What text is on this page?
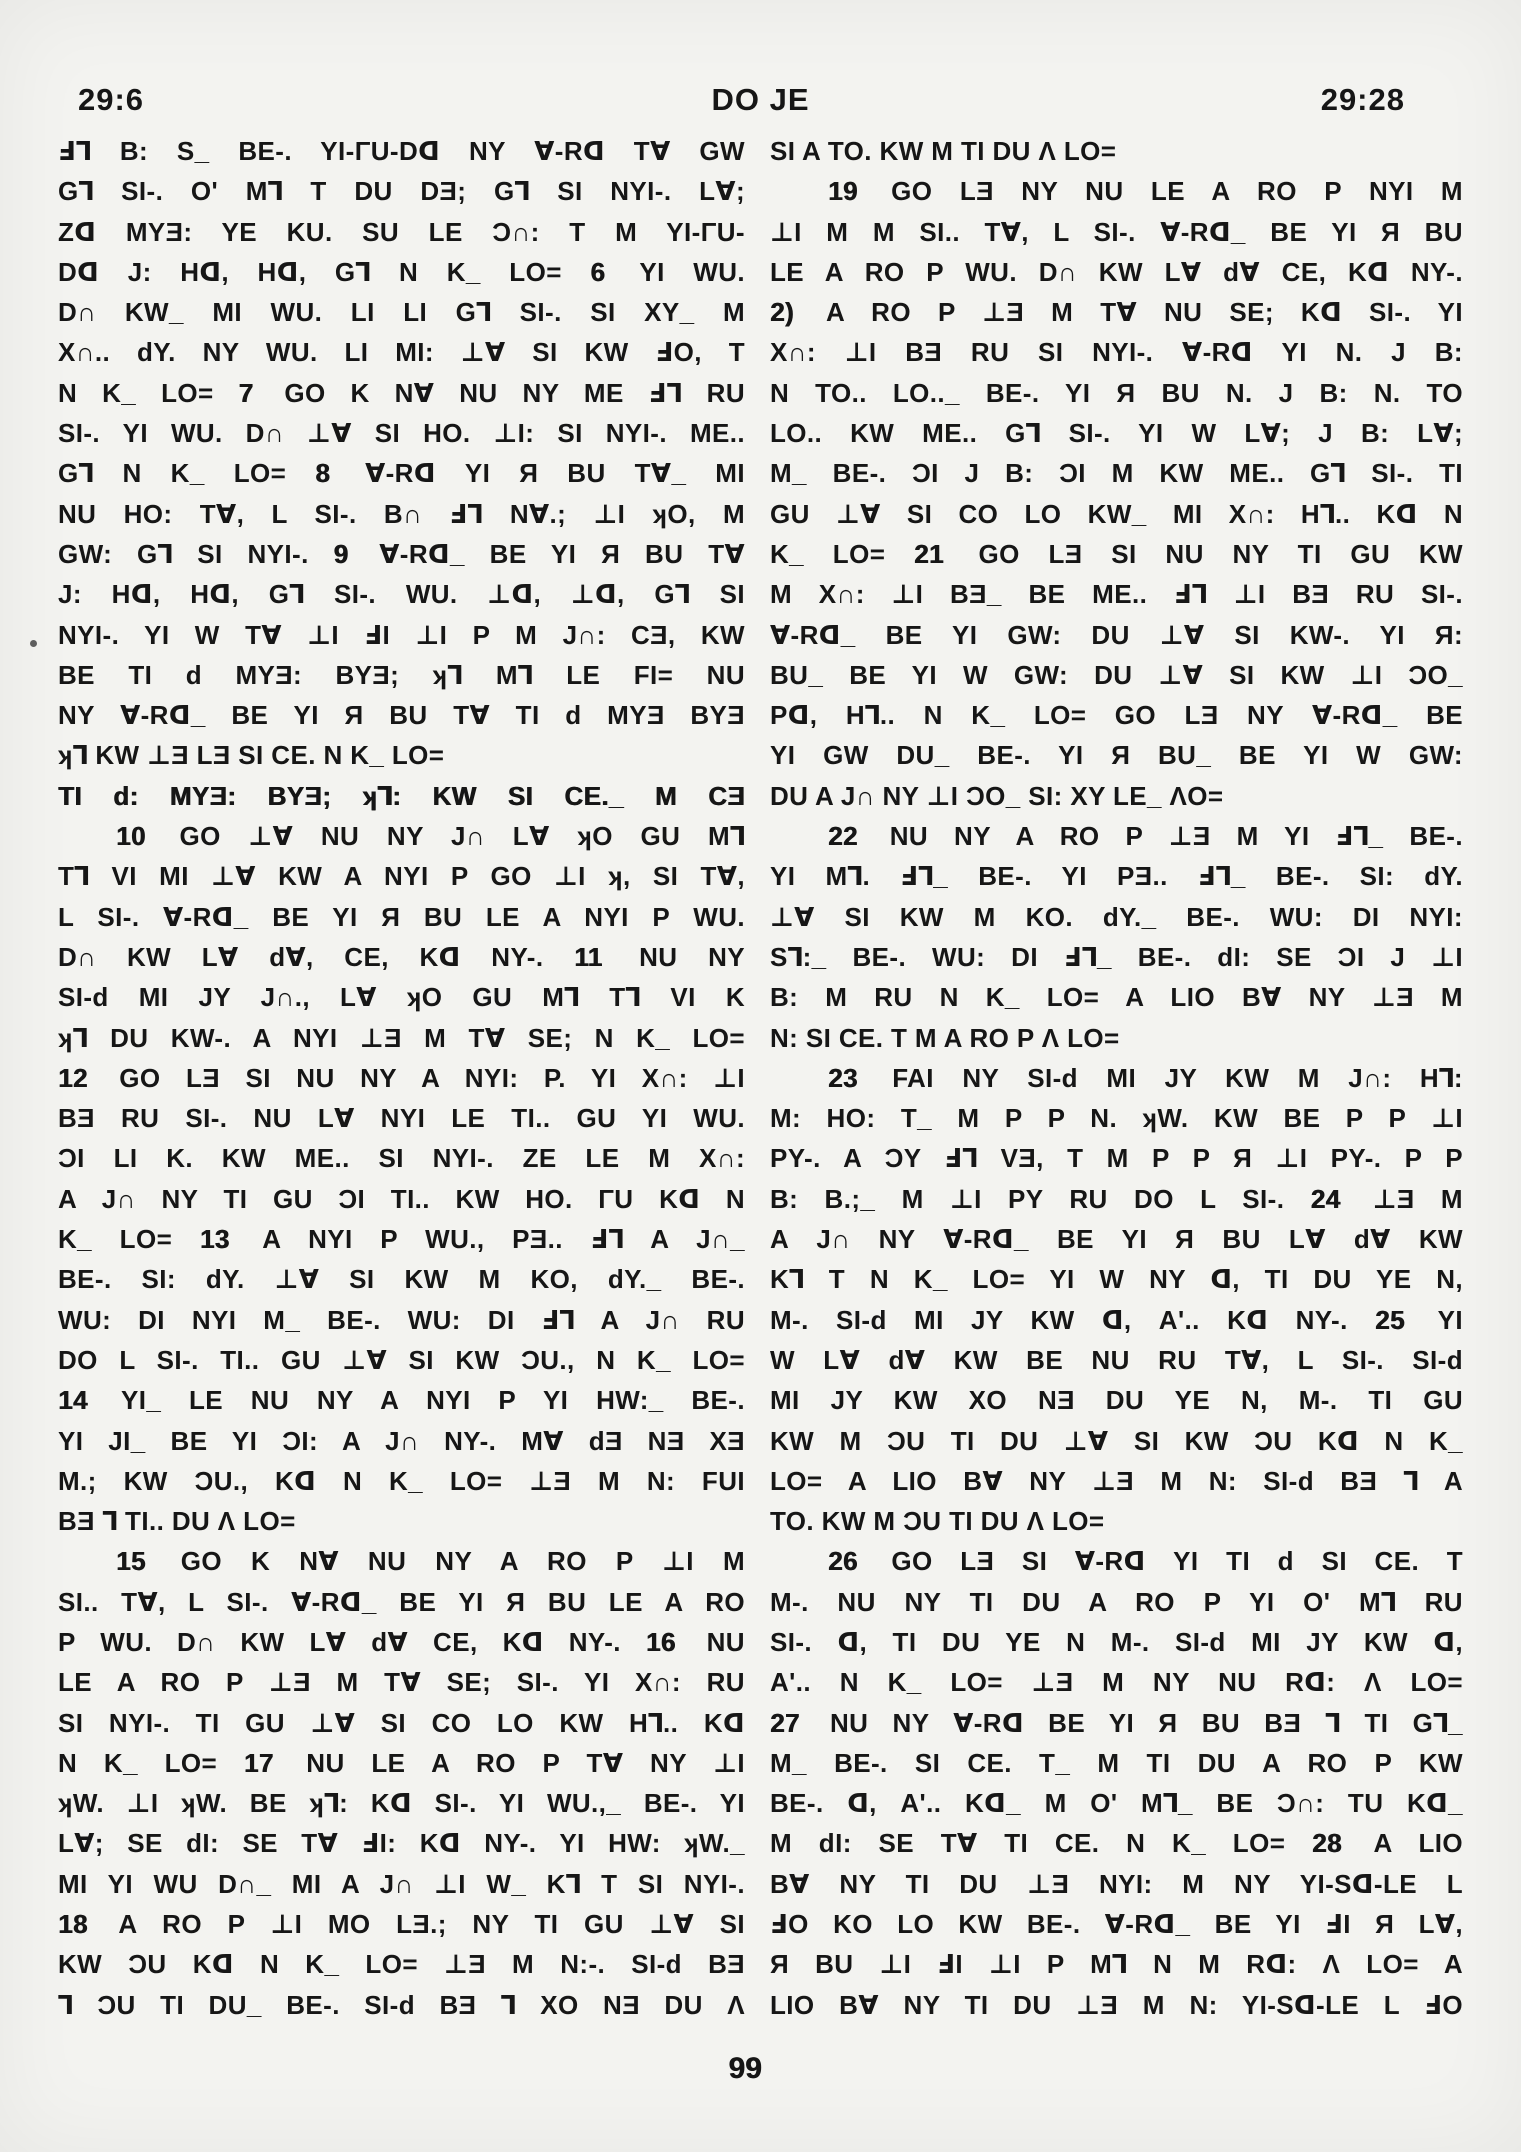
29:6	DO JE	29:28
Ⅎ⅂ B: S_ BE-. YI-ΓU-Dᗡ NY ∀-Rᗡ T∀ GW
G⅂ SI-. O' M⅂ T DU DƎ; G⅂ SI NYI-. L∀;
Zᗡ MYƎ: YE KU. SU LE Ɔ∩: T M YI-ΓU-
Dᗡ J: Hᗡ, Hᗡ, G⅂ N K_ LO= 6 YI WU.
D∩ KW_ MI WU. LI LI G⅂ SI-. SI XY_ M
X∩.. dY. NY WU. LI MI: ⊥∀ SI KW ℲO, T
N K_ LO= 7 GO K N∀ NU NY ME Ⅎ⅂ RU
SI-. YI WU. D∩ ⊥∀ SI HO. ⊥I: SI NYI-. ME..
G⅂ N K_ LO= 8 ∀-Rᗡ YI Я BU T∀_ MI
NU HO: T∀, L SI-. B∩ Ⅎ⅂ N∀.; ⊥I ʞO, M
GW: G⅂ SI NYI-. 9 ∀-Rᗡ_ BE YI Я BU T∀
J: Hᗡ, Hᗡ, G⅂ SI-. WU. ⊥ᗡ, ⊥ᗡ, G⅂ SI
NYI-. YI W T∀ ⊥I ℲI ⊥I P M J∩: CƎ, KW
BE TI d MYƎ: BYƎ; ʞ⅂ M⅂ LE FI= NU
NY ∀-Rᗡ_ BE YI Я BU T∀ TI d MYƎ BYƎ
ʞ⅂ KW ⊥Ǝ LƎ SI CE. N K_ LO=
TI d: MYƎ: BYƎ; ʞ⅂: KW SI CE._ M CƎ
10 GO ⊥∀ NU NY J∩ L∀ ʞO GU M⅂
T⅂ VI MI ⊥∀ KW A NYI P GO ⊥I ʞ, SI T∀,
L SI-. ∀-Rᗡ_ BE YI Я BU LE A NYI P WU.
D∩ KW L∀ d∀, CE, Kᗡ NY-. 11 NU NY
SI-d MI JY J∩., L∀ ʞO GU M⅂ T⅂ VI K
ʞ⅂ DU KW-. A NYI ⊥Ǝ M T∀ SE; N K_ LO=
12 GO LƎ SI NU NY A NYI: P. YI X∩: ⊥I
BƎ RU SI-. NU L∀ NYI LE TI.. GU YI WU.
ƆI LI K. KW ME.. SI NYI-. ZE LE M X∩:
A J∩ NY TI GU ƆI TI.. KW HO. ΓU Kᗡ N
K_ LO= 13 A NYI P WU., PƎ.. Ⅎ⅂ A J∩_
BE-. SI: dY. ⊥∀ SI KW M KO, dY._ BE-.
WU: DI NYI M_ BE-. WU: DI Ⅎ⅂ A J∩ RU
DO L SI-. TI.. GU ⊥∀ SI KW ƆU., N K_ LO=
14 YI_ LE NU NY A NYI P YI HW:_ BE-.
YI JI_ BE YI ƆI: A J∩ NY-. M∀ dƎ NƎ XƎ
M.; KW ƆU., Kᗡ N K_ LO= ⊥Ǝ M N: FUI
BƎ ⅂ TI.. DU Λ LO=
15 GO K N∀ NU NY A RO P ⊥I M
SI.. T∀, L SI-. ∀-Rᗡ_ BE YI Я BU LE A RO
P WU. D∩ KW L∀ d∀ CE, Kᗡ NY-. 16 NU
LE A RO P ⊥Ǝ M T∀ SE; SI-. YI X∩: RU
SI NYI-. TI GU ⊥∀ SI CO LO KW H⅂.. Kᗡ
N K_ LO= 17 NU LE A RO P T∀ NY ⊥I
ʞW. ⊥I ʞW. BE ʞ⅂: Kᗡ SI-. YI WU.,_ BE-. YI
L∀; SE dI: SE T∀ ℲI: Kᗡ NY-. YI HW: ʞW._
MI YI WU D∩_ MI A J∩ ⊥I W_ K⅂ T SI NYI-.
18 A RO P ⊥I MO LƎ.; NY TI GU ⊥∀ SI
KW ƆU Kᗡ N K_ LO= ⊥Ǝ M N:-. SI-d BƎ
⅂ ƆU TI DU_ BE-. SI-d BƎ ⅂ XO NƎ DU Λ
SI A TO. KW M TI DU Λ LO=
19 GO LƎ NY NU LE A RO P NYI M
⊥I M M SI.. T∀, L SI-. ∀-Rᗡ_ BE YI Я BU
LE A RO P WU. D∩ KW L∀ d∀ CE, Kᗡ NY-.
2) A RO P ⊥Ǝ M T∀ NU SE; Kᗡ SI-. YI
X∩: ⊥I BƎ RU SI NYI-. ∀-Rᗡ YI N. J B:
N TO.. LO.._ BE-. YI Я BU N. J B: N. TO
LO.. KW ME.. G⅂ SI-. YI W L∀; J B: L∀;
M_ BE-. ƆI J B: ƆI M KW ME.. G⅂ SI-. TI
GU ⊥∀ SI CO LO KW_ MI X∩: H⅂.. Kᗡ N
K_ LO= 21 GO LƎ SI NU NY TI GU KW
M X∩: ⊥I BƎ_ BE ME.. Ⅎ⅂ ⊥I BƎ RU SI-.
∀-Rᗡ_ BE YI GW: DU ⊥∀ SI KW-. YI Я:
BU_ BE YI W GW: DU ⊥∀ SI KW ⊥I ƆO_
Pᗡ, H⅂.. N K_ LO= GO LƎ NY ∀-Rᗡ_ BE
YI GW DU_ BE-. YI Я BU_ BE YI W GW:
DU A J∩ NY ⊥I ƆO_ SI: XY LE_ ΛO=
22 NU NY A RO P ⊥Ǝ M YI Ⅎ⅂_ BE-.
YI M⅂. Ⅎ⅂_ BE-. YI PƎ.. Ⅎ⅂_ BE-. SI: dY.
⊥∀ SI KW M KO. dY._ BE-. WU: DI NYI:
S⅂:_ BE-. WU: DI Ⅎ⅂_ BE-. dI: SE ƆI J ⊥I
B: M RU N K_ LO= A LIO B∀ NY ⊥Ǝ M
N: SI CE. T M A RO P Λ LO=
23 FAI NY SI-d MI JY KW M J∩: H⅂:
M: HO: T_ M P P N. ʞW. KW BE P P ⊥I
PY-. A ƆY Ⅎ⅂ VƎ, T M P P Я ⊥I PY-. P P
B: B.;_ M ⊥I PY RU DO L SI-. 24 ⊥Ǝ M
A J∩ NY ∀-Rᗡ_ BE YI Я BU L∀ d∀ KW
K⅂ T N K_ LO= YI W NY ᗡ, TI DU YE N,
M-. SI-d MI JY KW ᗡ, A'.. Kᗡ NY-. 25 YI
W L∀ d∀ KW BE NU RU T∀, L SI-. SI-d
MI JY KW XO NƎ DU YE N, M-. TI GU
KW M ƆU TI DU ⊥∀ SI KW ƆU Kᗡ N K_
LO= A LIO B∀ NY ⊥Ǝ M N: SI-d BƎ ⅂ A
TO. KW M ƆU TI DU Λ LO=
26 GO LƎ SI ∀-Rᗡ YI TI d SI CE. T
M-. NU NY TI DU A RO P YI O' M⅂ RU
SI-. ᗡ, TI DU YE N M-. SI-d MI JY KW ᗡ,
A'.. N K_ LO= ⊥Ǝ M NY NU Rᗡ: Λ LO=
27 NU NY ∀-Rᗡ BE YI Я BU BƎ ⅂ TI G⅂_
M_ BE-. SI CE. T_ M TI DU A RO P KW
BE-. ᗡ, A'.. Kᗡ_ M O' M⅂_ BE Ɔ∩: TU Kᗡ_
M dI: SE T∀ TI CE. N K_ LO= 28 A LIO
B∀ NY TI DU ⊥Ǝ NYI: M NY YI-Sᗡ-LE L
ℲO KO LO KW BE-. ∀-Rᗡ_ BE YI ℲI Я L∀,
Я BU ⊥I ℲI ⊥I P M⅂ N M Rᗡ: Λ LO= A
LIO B∀ NY TI DU ⊥Ǝ M N: YI-Sᗡ-LE L ℲO
99
